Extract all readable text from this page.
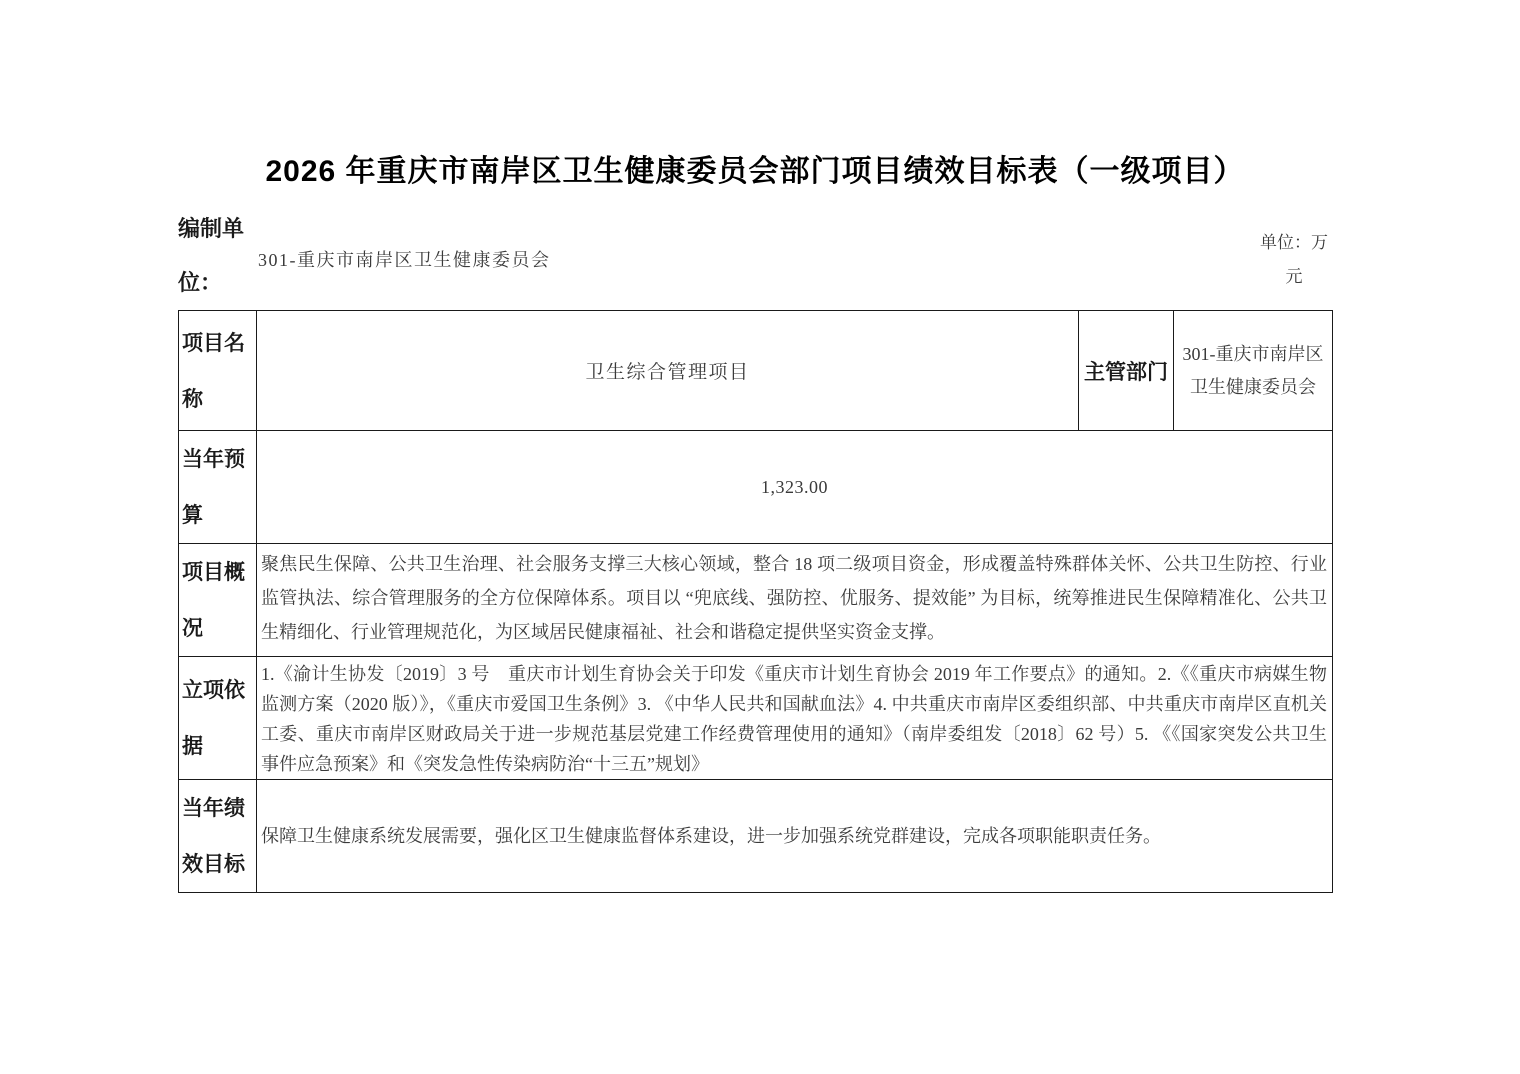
2026 年重庆市南岸区卫生健康委员会部门项目绩效目标表（一级项目）
编制单位：
301-重庆市南岸区卫生健康委员会
单位：万元
项目名称	卫生综合管理项目	主管部门	301-重庆市南岸区卫生健康委员会
当年预算	1,323.00		
项目概况	聚焦民生保障、公共卫生治理、社会服务支撑三大核心领域，整合 18 项二级项目资金，形成覆盖特殊群体关怀、公共卫生防控、行业监管执法、综合管理服务的全方位保障体系。项目以 “兜底线、强防控、优服务、提效能” 为目标，统筹推进民生保障精准化、公共卫生精细化、行业管理规范化，为区域居民健康福祉、社会和谐稳定提供坚实资金支撑。		
立项依据	1.《渝计生协发〔2019〕3 号　重庆市计划生育协会关于印发《重庆市计划生育协会 2019 年工作要点》的通知。2.《《重庆市病媒生物监测方案（2020 版）》，《重庆市爱国卫生条例》3. 《中华人民共和国献血法》4. 中共重庆市南岸区委组织部、中共重庆市南岸区直机关工委、重庆市南岸区财政局关于进一步规范基层党建工作经费管理使用的通知》（南岸委组发〔2018〕62 号）5. 《《国家突发公共卫生事件应急预案》和《突发急性传染病防治“十三五”规划》		
当年绩效目标	保障卫生健康系统发展需要，强化区卫生健康监督体系建设，进一步加强系统党群建设，完成各项职能职责任务。		
